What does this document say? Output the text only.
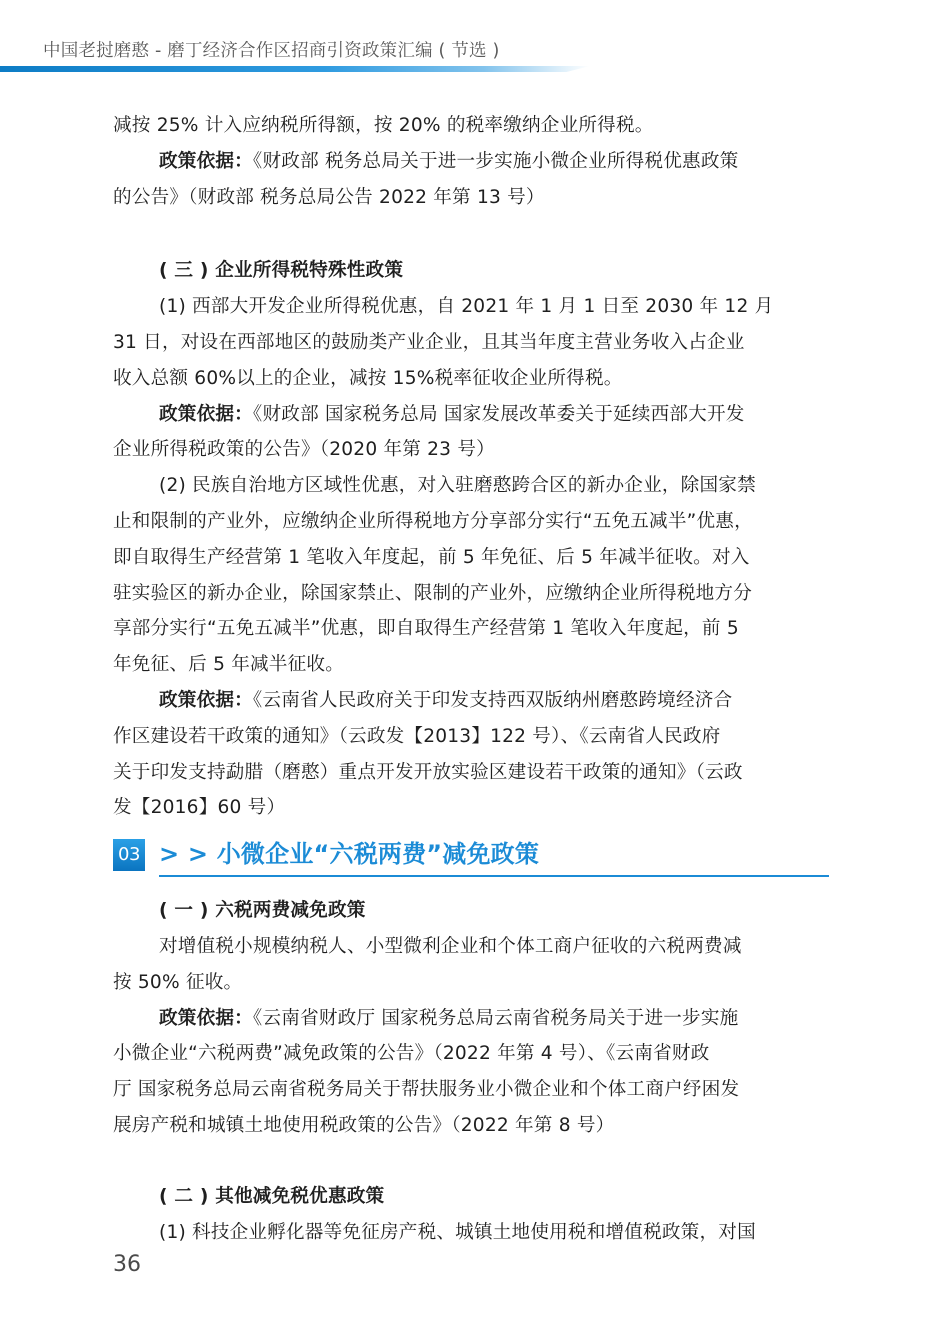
中国老挝磨憨 - 磨丁经济合作区招商引资政策汇编 ( 节选 )

减按 25% 计入应纳税所得额，按 20% 的税率缴纳企业所得税。

政策依据：《财政部 税务总局关于进一步实施小微企业所得税优惠政策

的公告》（财政部 税务总局公告 2022 年第 13 号）

( 三 ) 企业所得税特殊性政策

(1) 西部大开发企业所得税优惠，自 2021 年 1 月 1 日至 2030 年 12 月

31 日，对设在西部地区的鼓励类产业企业，且其当年度主营业务收入占企业

收入总额 60%以上的企业，减按 15%税率征收企业所得税。

政策依据：《财政部 国家税务总局 国家发展改革委关于延续西部大开发

企业所得税政策的公告》（2020 年第 23 号）

(2) 民族自治地方区域性优惠，对入驻磨憨跨合区的新办企业，除国家禁

止和限制的产业外，应缴纳企业所得税地方分享部分实行“五免五减半”优惠，

即自取得生产经营第 1 笔收入年度起，前 5 年免征、后 5 年减半征收。对入

驻实验区的新办企业，除国家禁止、限制的产业外，应缴纳企业所得税地方分

享部分实行“五免五减半”优惠，即自取得生产经营第 1 笔收入年度起，前 5

年免征、后 5 年减半征收。

政策依据：《云南省人民政府关于印发支持西双版纳州磨憨跨境经济合

作区建设若干政策的通知》（云政发【2013】122 号）、《云南省人民政府

关于印发支持勐腊（磨憨）重点开发开放实验区建设若干政策的通知》（云政

发【2016】60 号）

03 > > 小微企业“六税两费”减免政策

( 一 ) 六税两费减免政策

对增值税小规模纳税人、小型微利企业和个体工商户征收的六税两费减

按 50% 征收。

政策依据：《云南省财政厅 国家税务总局云南省税务局关于进一步实施

小微企业“六税两费”减免政策的公告》（2022 年第 4 号）、《云南省财政

厅 国家税务总局云南省税务局关于帮扶服务业小微企业和个体工商户纾困发

展房产税和城镇土地使用税政策的公告》（2022 年第 8 号）

( 二 ) 其他减免税优惠政策

(1) 科技企业孵化器等免征房产税、城镇土地使用税和增值税政策，对国

36
